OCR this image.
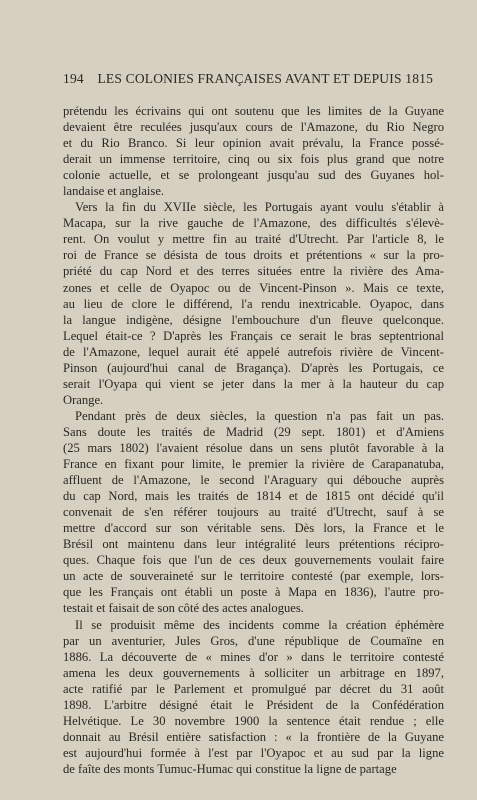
194 LES COLONIES FRANÇAISES AVANT ET DEPUIS 1815

prétendu les écrivains qui ont soutenu que les limites de la Guyane
devaient être reculées jusqu'aux cours de l'Amazone, du Rio Negro
et du Rio Branco. Si leur opinion avait prévalu, la France possé-
derait un immense territoire, cinq ou six fois plus grand que notre
colonie actuelle, et se prolongeant jusqu'au sud des Guyanes hol-
landaise et anglaise.

Vers la fin du XVIIe siècle, les Portugais ayant voulu s'établir à
Macapa, sur la rive gauche de l'Amazone, des difficultés s'élevè-
rent. On voulut y mettre fin au traité d'Utrecht. Par l'article 8, le
roi de France se désista de tous droits et prétentions « sur la pro-
priété du cap Nord et des terres situées entre la rivière des Ama-
zones et celle de Oyapoc ou de Vincent-Pinson ». Mais ce texte,
au lieu de clore le différend, l'a rendu inextricable. Oyapoc, dans
la langue indigène, désigne l'embouchure d'un fleuve quelconque.
Lequel était-ce ? D'après les Français ce serait le bras septentrional
de l'Amazone, lequel aurait été appelé autrefois rivière de Vincent-
Pinson (aujourd'hui canal de Bragança). D'après les Portugais, ce
serait l'Oyapa qui vient se jeter dans la mer à la hauteur du cap
Orange.

Pendant près de deux siècles, la question n'a pas fait un pas.
Sans doute les traités de Madrid (29 sept. 1801) et d'Amiens
(25 mars 1802) l'avaient résolue dans un sens plutôt favorable à la
France en fixant pour limite, le premier la rivière de Carapanatuba,
affluent de l'Amazone, le second l'Araguary qui débouche auprès
du cap Nord, mais les traités de 1814 et de 1815 ont décidé qu'il
convenait de s'en référer toujours au traité d'Utrecht, sauf à se
mettre d'accord sur son véritable sens. Dès lors, la France et le
Brésil ont maintenu dans leur intégralité leurs prétentions récipro-
ques. Chaque fois que l'un de ces deux gouvernements voulait faire
un acte de souveraineté sur le territoire contesté (par exemple, lors-
que les Français ont établi un poste à Mapa en 1836), l'autre pro-
testait et faisait de son côté des actes analogues.

Il se produisit même des incidents comme la création éphémère
par un aventurier, Jules Gros, d'une république de Coumaïne en
1886. La découverte de « mines d'or » dans le territoire contesté
amena les deux gouvernements à solliciter un arbitrage en 1897,
acte ratifié par le Parlement et promulgué par décret du 31 août
1898. L'arbitre désigné était le Président de la Confédération
Helvétique. Le 30 novembre 1900 la sentence était rendue ; elle
donnait au Brésil entière satisfaction : « la frontière de la Guyane
est aujourd'hui formée à l'est par l'Oyapoc et au sud par la ligne
de faîte des monts Tumuc-Humac qui constitue la ligne de partage
